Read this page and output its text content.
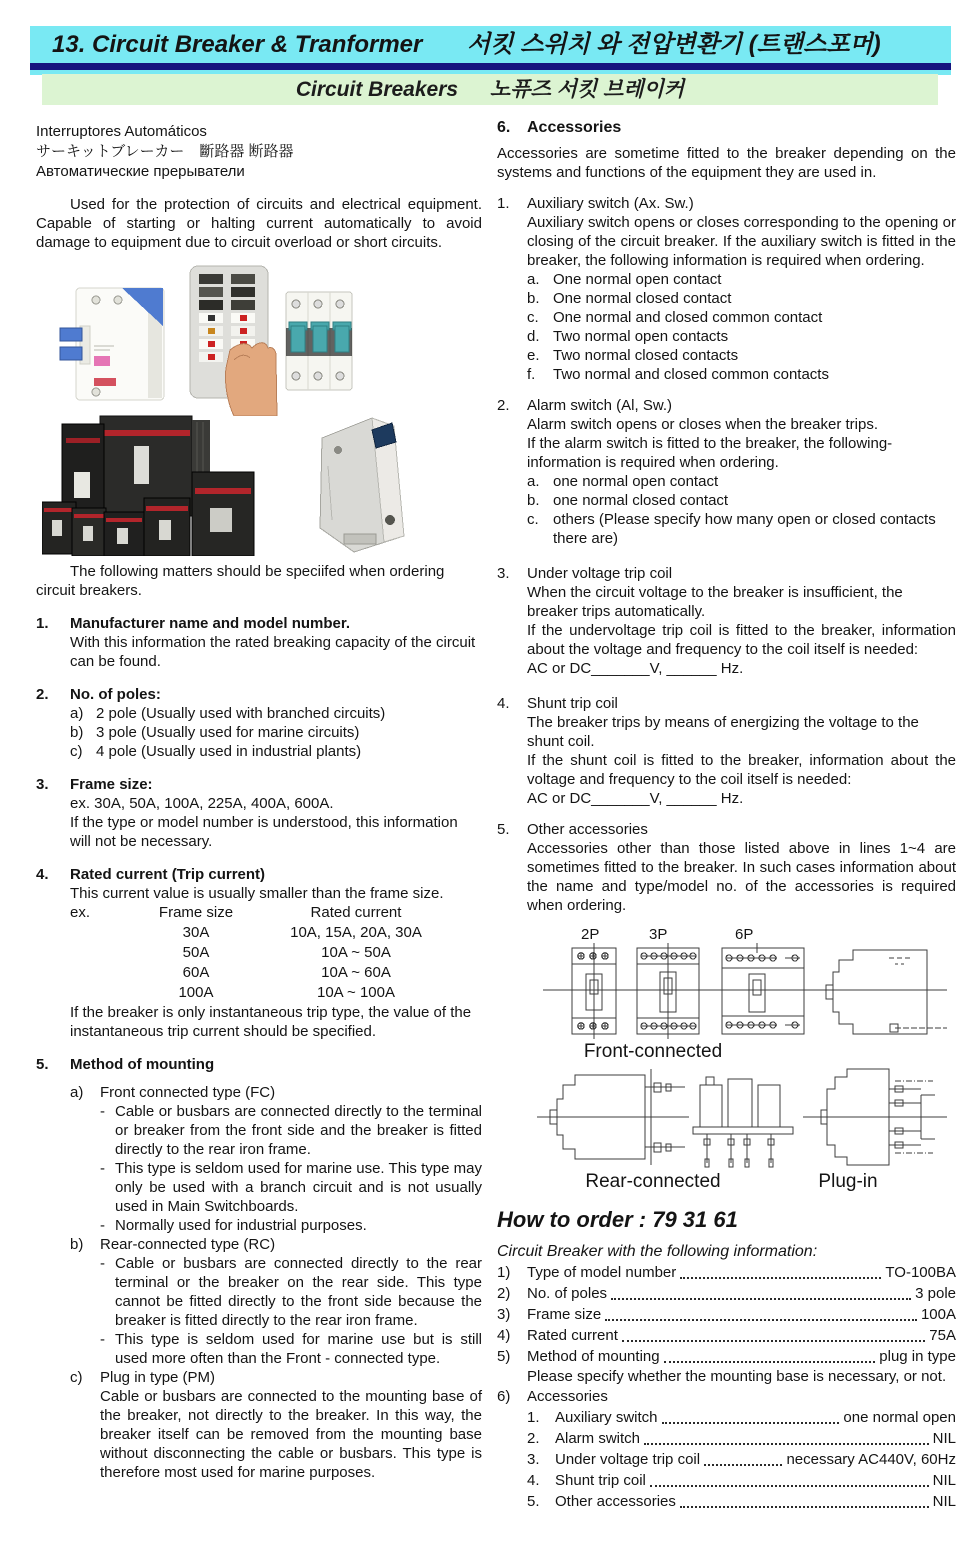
13. Circuit Breaker & Tranformer 서킷 스위치 와 전압변환기 (트랜스포머)
Circuit Breakers 노퓨즈 서킷 브레이커
Interruptores Automáticos
サーキットブレーカー　斷路器 断路器
Автоматические прерыватели

Used for the protection of circuits and electrical equipment. Capable of starting or halting current automatically to avoid damage to equipment due to circuit overload or short circuits.

The following matters should be speciifed when ordering circuit breakers.

1.	Manufacturer name and model number.
With this information the rated breaking capacity of the circuit can be found.
2.	No. of poles:
a) 2 pole (Usually used with branched circuits)
b) 3 pole (Usually used for marine circuits)
c) 4 pole (Usually used in industrial plants)
3.	Frame size:
ex. 30A, 50A, 100A, 225A, 400A, 600A.
If the type or model number is understood, this information will not be necessary.
4.	Rated current (Trip current)
This current value is usually smaller than the frame size.
ex.	Frame size	Rated current
30A	10A, 15A, 20A, 30A
50A	10A ~ 50A
60A	10A ~ 60A
100A	10A ~ 100A
If the breaker is only instantaneous trip type, the value of the instantaneous trip current should be specified.
5.	Method of mounting
a)	Front connected type (FC)
- Cable or busbars are connected directly to the terminal or breaker from the front side and the breaker is fitted directly to the rear iron frame.
- This type is seldom used for marine use. This type may only be used with a branch circuit and is not usually used in Main Switchboards.
- Normally used for industrial purposes.
b)	Rear-connected type (RC)
- Cable or busbars are connected directly to the rear terminal or the breaker on the rear side. This type cannot be fitted directly to the front side because the breaker is fitted directly to the rear iron frame.
- This type is seldom used for marine use but is still used more often than the Front - connected type.
c)	Plug in type (PM)
Cable or busbars are connected to the mounting base of the breaker, not directly to the breaker. In this way, the breaker itself can be removed from the mounting base without disconnecting the cable or busbars. This type is therefore most used for marine purposes.
6.	Accessories

Accessories are sometime fitted to the breaker depending on the systems and functions of the equipment they are used in.

1.	Auxiliary switch (Ax. Sw.)
Auxiliary switch opens or closes corresponding to the opening or closing of the circuit breaker. If the auxiliary switch is fitted in the breaker, the following information is required when ordering.
a. One normal open contact
b. One normal closed contact
c. One normal and closed common contact
d. Two normal open contacts
e. Two normal closed contacts
f.	Two normal and closed common contacts
2.	Alarm switch (Al, Sw.)
Alarm switch opens or closes when the breaker trips.
If the alarm switch is fitted to the breaker, the following-information is required when ordering.
a. one normal open contact
b. one normal closed contact
c. others (Please specify how many open or closed contacts there are)
3.	Under voltage trip coil
When the circuit voltage to the breaker is insufficient, the breaker trips automatically.
If the undervoltage trip coil is fitted to the breaker, information about the voltage and frequency to the coil itself is needed:
AC or DC_______V, ______ Hz.
4.	Shunt trip coil
The breaker trips by means of energizing the voltage to the shunt coil.
If the shunt coil is fitted to the breaker, information about the voltage and frequency to the coil itself is needed:
AC or DC_______V, ______ Hz.
5.	Other accessories
Accessories other than those listed above in lines 1~4 are sometimes fitted to the breaker. In such cases information about the name and type/model no. of the accessories is required when ordering.
2P	3P	6P
Front-connected
Rear-connected	Plug-in
How to order : 79 31 61
Circuit Breaker with the following information:
1)	Type of model number	TO-100BA
2)	No. of poles	3 pole
3)	Frame size	100A
4)	Rated current	75A
5)	Method of mounting	plug in type
Please specify whether the mounting base is necessary, or not.
6)	Accessories
1.	Auxiliary switch	one normal open
2.	Alarm switch	NIL
3.	Under voltage trip coil	necessary AC440V, 60Hz
4.	Shunt trip coil	NIL
5.	Other accessories	NIL
